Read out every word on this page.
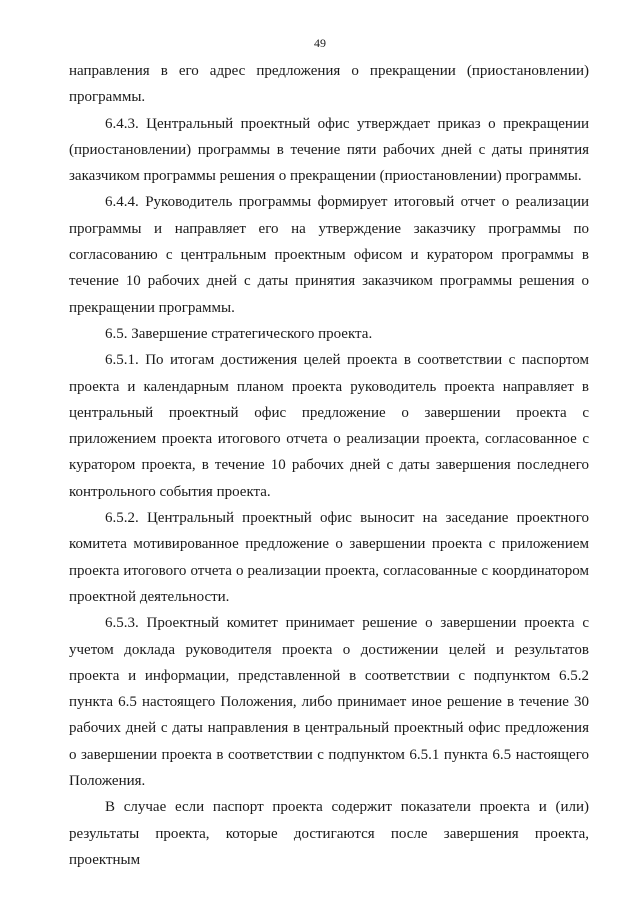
49

направления в его адрес предложения о прекращении (приостановлении) программы.

6.4.3. Центральный проектный офис утверждает приказ о прекращении (приостановлении) программы в течение пяти рабочих дней с даты принятия заказчиком программы решения о прекращении (приостановлении) программы.

6.4.4. Руководитель программы формирует итоговый отчет о реализации программы и направляет его на утверждение заказчику программы по согласованию с центральным проектным офисом и куратором программы в течение 10 рабочих дней с даты принятия заказчиком программы решения о прекращении программы.

6.5. Завершение стратегического проекта.

6.5.1. По итогам достижения целей проекта в соответствии с паспортом проекта и календарным планом проекта руководитель проекта направляет в центральный проектный офис предложение о завершении проекта с приложением проекта итогового отчета о реализации проекта, согласованное с куратором проекта, в течение 10 рабочих дней с даты завершения последнего контрольного события проекта.

6.5.2. Центральный проектный офис выносит на заседание проектного комитета мотивированное предложение о завершении проекта с приложением проекта итогового отчета о реализации проекта, согласованные с координатором проектной деятельности.

6.5.3. Проектный комитет принимает решение о завершении проекта с учетом доклада руководителя проекта о достижении целей и результатов проекта и информации, представленной в соответствии с подпунктом 6.5.2 пункта 6.5 настоящего Положения, либо принимает иное решение в течение 30 рабочих дней с даты направления в центральный проектный офис предложения о завершении проекта в соответствии с подпунктом 6.5.1 пункта 6.5 настоящего Положения.

В случае если паспорт проекта содержит показатели проекта и (или) результаты проекта, которые достигаются после завершения проекта, проектным
